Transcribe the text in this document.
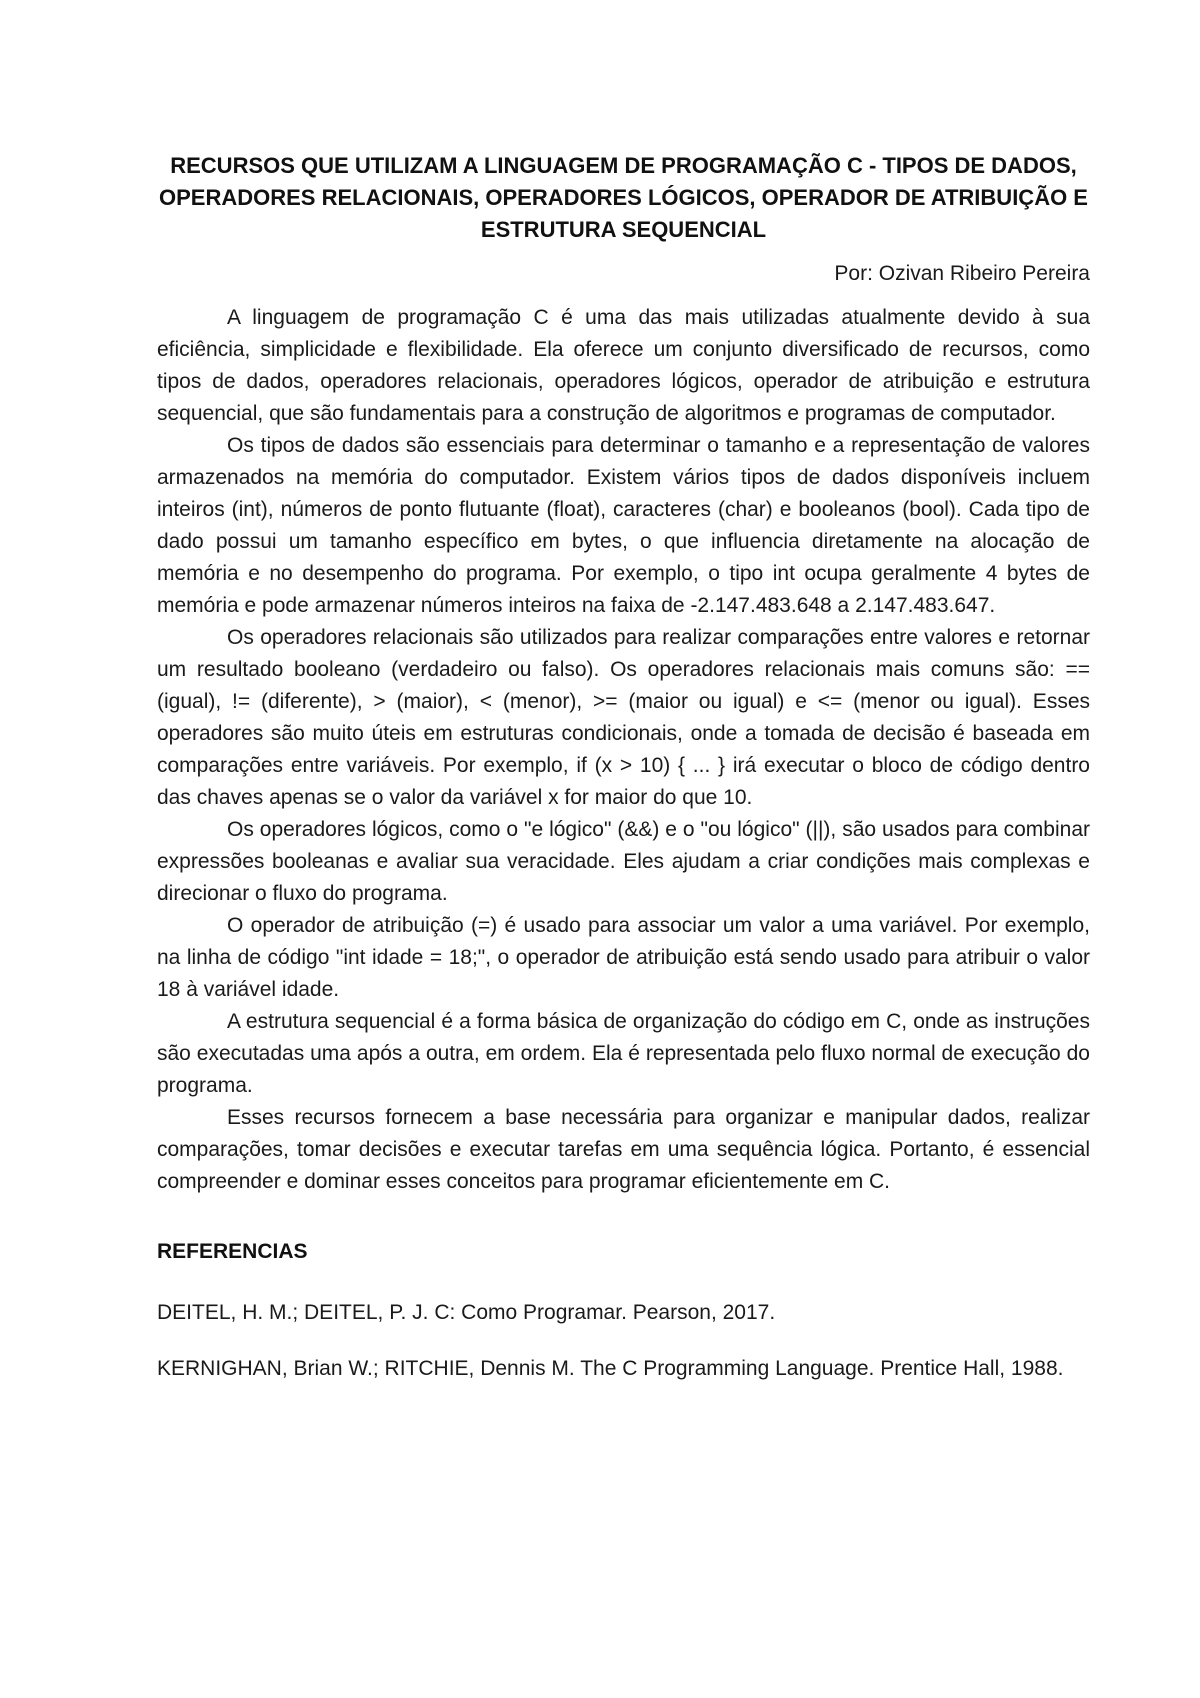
RECURSOS QUE UTILIZAM A LINGUAGEM DE PROGRAMAÇÃO C - TIPOS DE DADOS, OPERADORES RELACIONAIS, OPERADORES LÓGICOS, OPERADOR DE ATRIBUIÇÃO E ESTRUTURA SEQUENCIAL
Por: Ozivan Ribeiro Pereira

A linguagem de programação C é uma das mais utilizadas atualmente devido à sua eficiência, simplicidade e flexibilidade. Ela oferece um conjunto diversificado de recursos, como tipos de dados, operadores relacionais, operadores lógicos, operador de atribuição e estrutura sequencial, que são fundamentais para a construção de algoritmos e programas de computador.

Os tipos de dados são essenciais para determinar o tamanho e a representação de valores armazenados na memória do computador. Existem vários tipos de dados disponíveis incluem inteiros (int), números de ponto flutuante (float), caracteres (char) e booleanos (bool). Cada tipo de dado possui um tamanho específico em bytes, o que influencia diretamente na alocação de memória e no desempenho do programa. Por exemplo, o tipo int ocupa geralmente 4 bytes de memória e pode armazenar números inteiros na faixa de -2.147.483.648 a 2.147.483.647.

Os operadores relacionais são utilizados para realizar comparações entre valores e retornar um resultado booleano (verdadeiro ou falso). Os operadores relacionais mais comuns são: == (igual), != (diferente), > (maior), < (menor), >= (maior ou igual) e <= (menor ou igual). Esses operadores são muito úteis em estruturas condicionais, onde a tomada de decisão é baseada em comparações entre variáveis. Por exemplo, if (x > 10) { ... } irá executar o bloco de código dentro das chaves apenas se o valor da variável x for maior do que 10.

Os operadores lógicos, como o "e lógico" (&&) e o "ou lógico" (||), são usados para combinar expressões booleanas e avaliar sua veracidade. Eles ajudam a criar condições mais complexas e direcionar o fluxo do programa.

O operador de atribuição (=) é usado para associar um valor a uma variável. Por exemplo, na linha de código "int idade = 18;", o operador de atribuição está sendo usado para atribuir o valor 18 à variável idade.

A estrutura sequencial é a forma básica de organização do código em C, onde as instruções são executadas uma após a outra, em ordem. Ela é representada pelo fluxo normal de execução do programa.

Esses recursos fornecem a base necessária para organizar e manipular dados, realizar comparações, tomar decisões e executar tarefas em uma sequência lógica. Portanto, é essencial compreender e dominar esses conceitos para programar eficientemente em C.

REFERENCIAS

DEITEL, H. M.; DEITEL, P. J. C: Como Programar. Pearson, 2017.

KERNIGHAN, Brian W.; RITCHIE, Dennis M. The C Programming Language. Prentice Hall, 1988.
